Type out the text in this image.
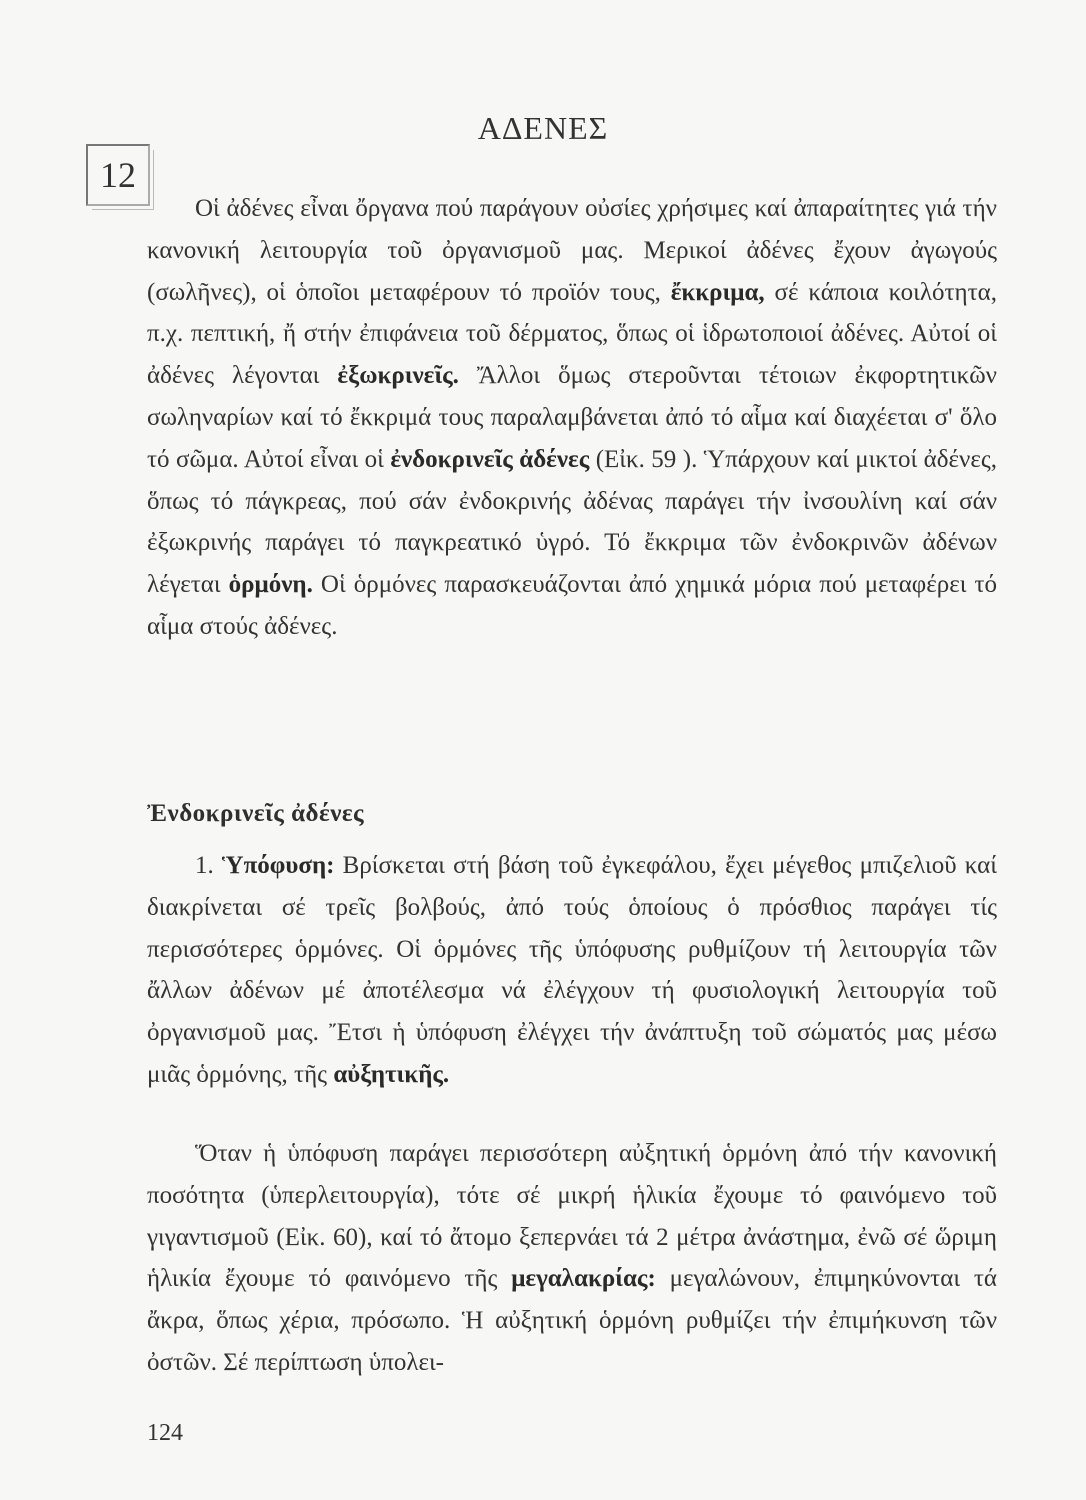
12
ΑΔΕΝΕΣ

Οἱ ἀδένες εἶναι ὄργανα πού παράγουν οὐσίες χρήσιμες καί ἀπαραίτητες γιά τήν κανονική λειτουργία τοῦ ὀργανισμοῦ μας. Μερικοί ἀδένες ἔχουν ἀγωγούς (σωλῆνες), οἱ ὁποῖοι μεταφέρουν τό προϊόν τους, ἔκκριμα, σέ κάποια κοιλότητα, π.χ. πεπτική, ἤ στήν ἐπιφάνεια τοῦ δέρματος, ὅπως οἱ ἱδρωτοποιοί ἀδένες. Αὐτοί οἱ ἀδένες λέγονται ἐξωκρινεῖς. Ἄλλοι ὅμως στεροῦνται τέτοιων ἐκφορτητικῶν σωληναρίων καί τό ἔκκριμά τους παραλαμβάνεται ἀπό τό αἷμα καί διαχέεται σ' ὅλο τό σῶμα. Αὐτοί εἶναι οἱ ἐνδοκρινεῖς ἀδένες (Εἰκ. 59 ). Ὑπάρχουν καί μικτοί ἀδένες, ὅπως τό πάγκρεας, πού σάν ἐνδοκρινής ἀδένας παράγει τήν ἰνσουλίνη καί σάν ἐξωκρινής παράγει τό παγκρεατικό ὑγρό. Τό ἔκκριμα τῶν ἐνδοκρινῶν ἀδένων λέγεται ὁρμόνη. Οἱ ὁρμόνες παρασκευάζονται ἀπό χημικά μόρια πού μεταφέρει τό αἷμα στούς ἀδένες.

Ἐνδοκρινεῖς ἀδένες

1. Ὑπόφυση: Βρίσκεται στή βάση τοῦ ἐγκεφάλου, ἔχει μέγεθος μπιζελιοῦ καί διακρίνεται σέ τρεῖς βολβούς, ἀπό τούς ὁποίους ὁ πρόσθιος παράγει τίς περισσότερες ὁρμόνες. Οἱ ὁρμόνες τῆς ὑπόφυσης ρυθμίζουν τή λειτουργία τῶν ἄλλων ἀδένων μέ ἀποτέλεσμα νά ἐλέγχουν τή φυσιολογική λειτουργία τοῦ ὀργανισμοῦ μας. Ἔτσι ἡ ὑπόφυση ἐλέγχει τήν ἀνάπτυξη τοῦ σώματός μας μέσω μιᾶς ὁρμόνης, τῆς αὐξητικῆς.

Ὅταν ἡ ὑπόφυση παράγει περισσότερη αὐξητική ὁρμόνη ἀπό τήν κανονική ποσότητα (ὑπερλειτουργία), τότε σέ μικρή ἡλικία ἔχουμε τό φαινόμενο τοῦ γιγαντισμοῦ (Εἰκ. 60), καί τό ἄτομο ξεπερνάει τά 2 μέτρα ἀνάστημα, ἐνῶ σέ ὥριμη ἡλικία ἔχουμε τό φαινόμενο τῆς μεγαλακρίας: μεγαλώνουν, ἐπιμηκύνονται τά ἄκρα, ὅπως χέρια, πρόσωπο. Ἡ αὐξητική ὁρμόνη ρυθμίζει τήν ἐπιμήκυνση τῶν ὀστῶν. Σέ περίπτωση ὑπολει-

124
